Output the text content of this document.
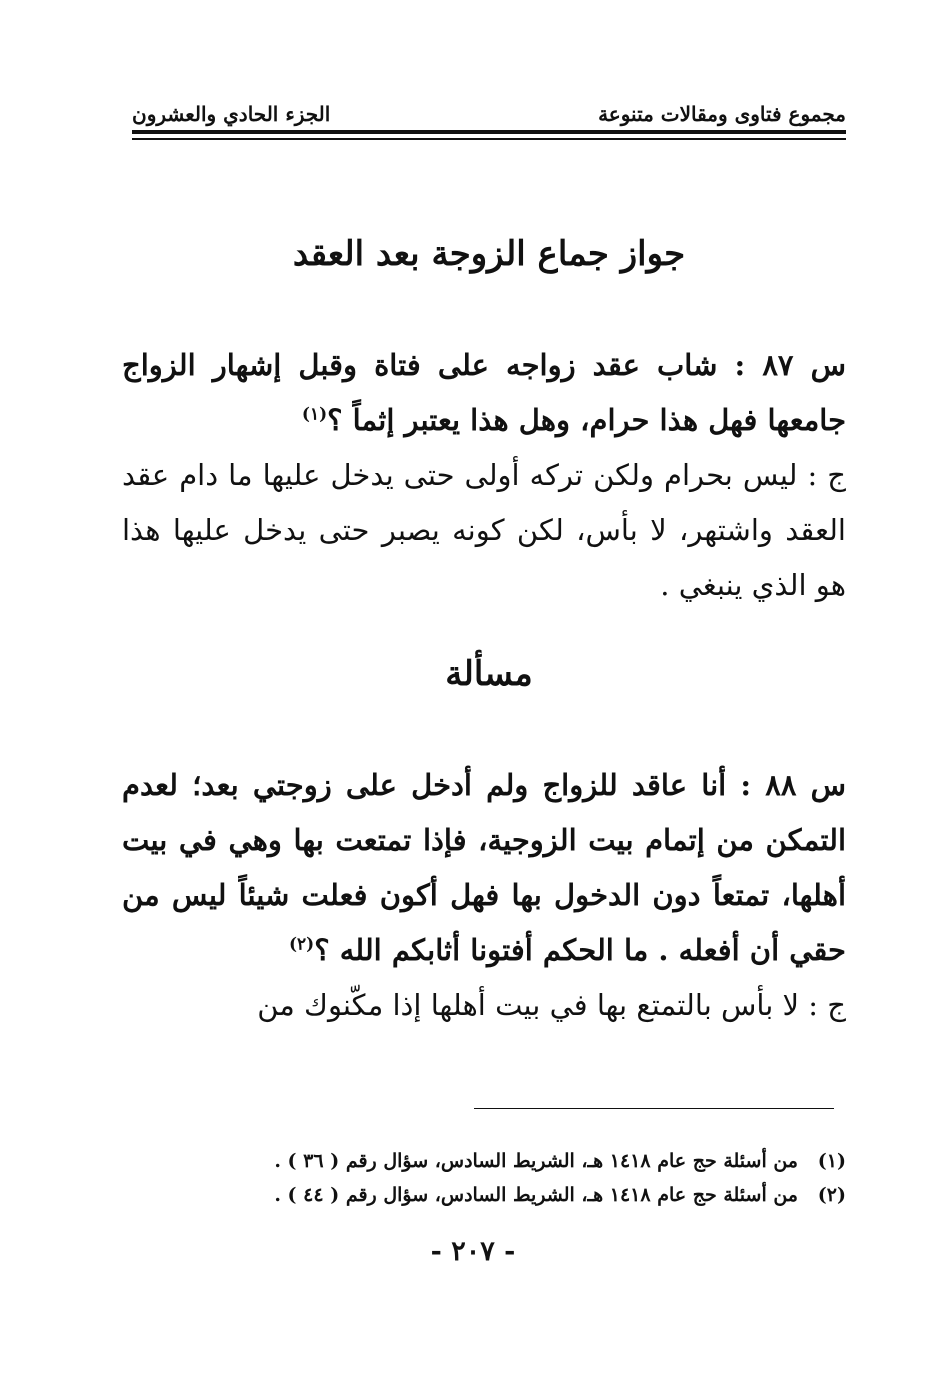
مجموع فتاوى ومقالات متنوعة
الجزء الحادي والعشرون
جواز جماع الزوجة بعد العقد

س ٨٧ : شاب عقد زواجه على فتاة وقبل إشهار الزواج جامعها فهل هذا حرام، وهل هذا يعتبر إثماً ؟$^{(١)}$

ج : ليس بحرام ولكن تركه أولى حتى يدخل عليها ما دام عقد العقد واشتهر، لا بأس، لكن كونه يصبر حتى يدخل عليها هذا هو الذي ينبغي .

مسألة

س ٨٨ : أنا عاقد للزواج ولم أدخل على زوجتي بعد؛ لعدم التمكن من إتمام بيت الزوجية، فإذا تمتعت بها وهي في بيت أهلها، تمتعاً دون الدخول بها فهل أكون فعلت شيئاً ليس من حقي أن أفعله . ما الحكم أفتونا أثابكم الله ؟$^{(٢)}$

ج : لا بأس بالتمتع بها في بيت أهلها إذا مكّنوك من

(١)
من أسئلة حج عام ١٤١٨ هـ، الشريط السادس، سؤال رقم ( ٣٦ ) .
(٢)
من أسئلة حج عام ١٤١٨ هـ، الشريط السادس، سؤال رقم ( ٤٤ ) .
- ٢٠٧ -
